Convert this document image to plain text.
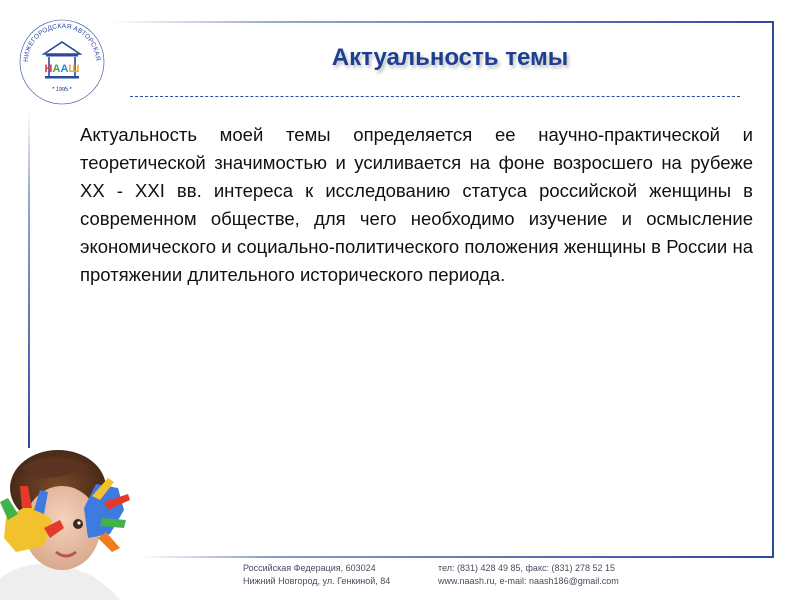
НИЖЕГОРОДСКАЯ АВТОРСКАЯ
• 1995 •
НААШ	Актуальность темы

Актуальность моей темы определяется ее научно-практической и теоретической значимостью и усиливается на фоне возросшего на рубеже XX - XXI вв. интереса к исследованию статуса российской женщины в современном обществе, для чего необходимо изучение и осмысление экономического и социально-политического положения женщины в России на протяжении длительного исторического периода.

Российская Федерация, 603024
Нижний Новгород, ул. Генкиной, 84
тел: (831) 428 49 85, факс: (831) 278 52 15
www.naash.ru, e-mail: naash186@gmail.com
